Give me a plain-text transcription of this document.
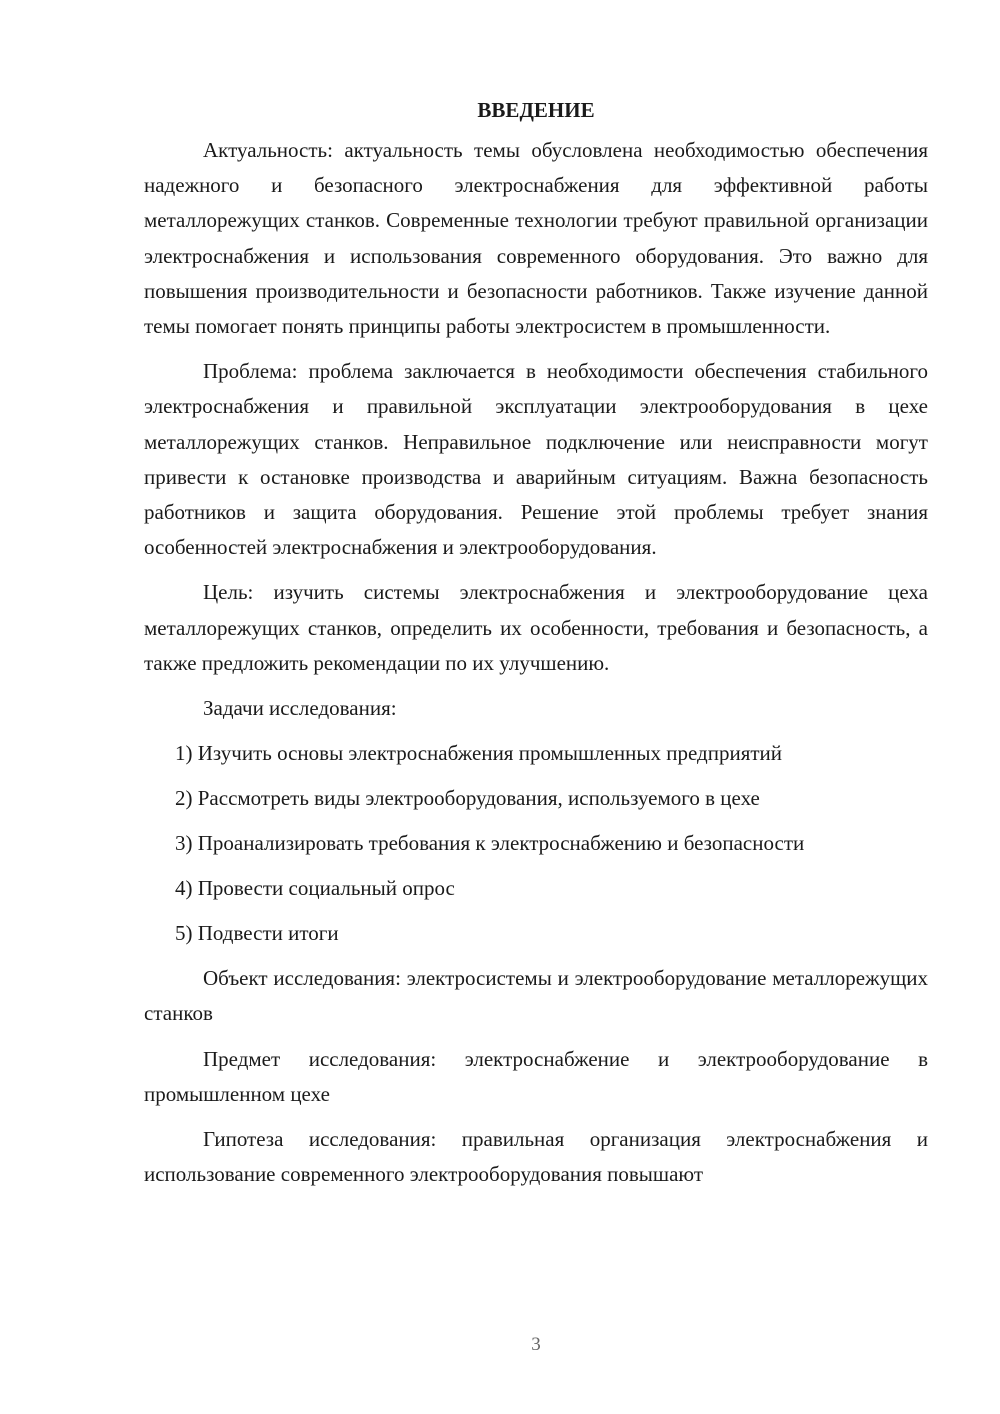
ВВЕДЕНИЕ

Актуальность: актуальность темы обусловлена необходимостью обеспечения надежного и безопасного электроснабжения для эффективной работы металлорежущих станков. Современные технологии требуют правильной организации электроснабжения и использования современного оборудования. Это важно для повышения производительности и безопасности работников. Также изучение данной темы помогает понять принципы работы электросистем в промышленности.

Проблема: проблема заключается в необходимости обеспечения стабильного электроснабжения и правильной эксплуатации электрооборудования в цехе металлорежущих станков. Неправильное подключение или неисправности могут привести к остановке производства и аварийным ситуациям. Важна безопасность работников и защита оборудования. Решение этой проблемы требует знания особенностей электроснабжения и электрооборудования.

Цель: изучить системы электроснабжения и электрооборудование цеха металлорежущих станков, определить их особенности, требования и безопасность, а также предложить рекомендации по их улучшению.

Задачи исследования:

1) Изучить основы электроснабжения промышленных предприятий
2) Рассмотреть виды электрооборудования, используемого в цехе
3) Проанализировать требования к электроснабжению и безопасности
4) Провести социальный опрос
5) Подвести итоги

Объект исследования: электросистемы и электрооборудование металлорежущих станков

Предмет исследования: электроснабжение и электрооборудование в промышленном цехе

Гипотеза исследования: правильная организация электроснабжения и использование современного электрооборудования повышают

3
